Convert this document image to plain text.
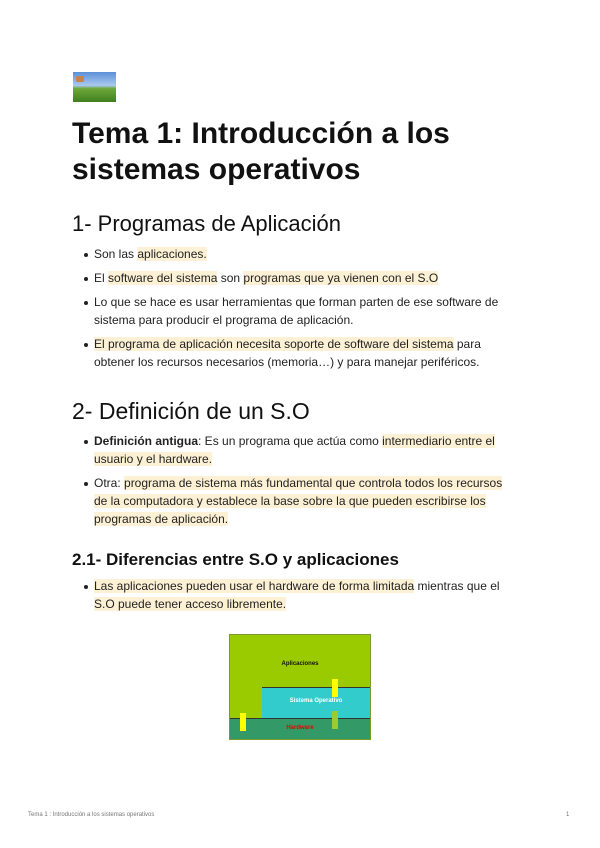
Tema 1: Introducción a los sistemas operativos
1- Programas de Aplicación
Son las aplicaciones.
El software del sistema son programas que ya vienen con el S.O
Lo que se hace es usar herramientas que forman parten de ese software de sistema para producir el programa de aplicación.
El programa de aplicación necesita soporte de software del sistema para obtener los recursos necesarios (memoria…) y para manejar periféricos.
2- Definición de un S.O
Definición antigua: Es un programa que actúa como intermediario entre el usuario y el hardware.
Otra: programa de sistema más fundamental que controla todos los recursos de la computadora y establece la base sobre la que pueden escribirse los programas de aplicación.
2.1- Diferencias entre S.O y aplicaciones
Las aplicaciones pueden usar el hardware de forma limitada mientras que el S.O puede tener acceso libremente.
Aplicaciones
Sistema Operativo
Hardware
Tema 1 : Introducción a los sistemas operativos	1
